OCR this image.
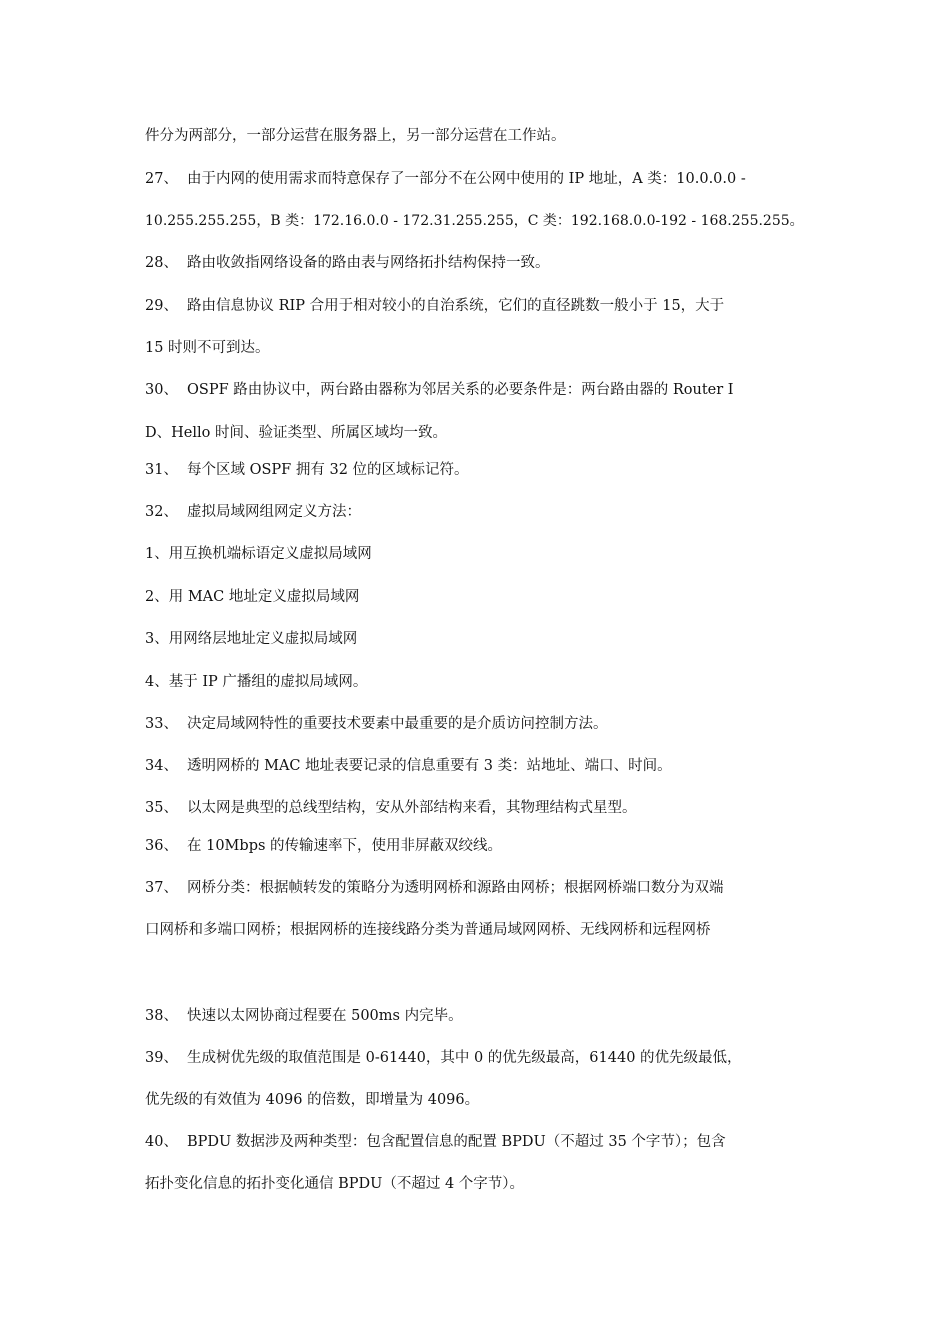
件分为两部分，一部分运营在服务器上，另一部分运营在工作站。
27、 由于内网的使用需求而特意保存了一部分不在公网中使用的 IP 地址，A 类：10.0.0.0 -
10.255.255.255，B 类：172.16.0.0 - 172.31.255.255，C 类：192.168.0.0-192 - 168.255.255。
28、 路由收敛指网络设备的路由表与网络拓扑结构保持一致。
29、 路由信息协议 RIP 合用于相对较小的自治系统，它们的直径跳数一般小于 15，大于
15 时则不可到达。
30、 OSPF 路由协议中，两台路由器称为邻居关系的必要条件是：两台路由器的 Router I
D、Hello 时间、验证类型、所属区域均一致。
31、 每个区域 OSPF 拥有 32 位的区域标记符。
32、 虚拟局域网组网定义方法：
1、用互换机端标语定义虚拟局域网
2、用 MAC 地址定义虚拟局域网
3、用网络层地址定义虚拟局域网
4、基于 IP 广播组的虚拟局域网。
33、 决定局域网特性的重要技术要素中最重要的是介质访问控制方法。
34、 透明网桥的 MAC 地址表要记录的信息重要有 3 类：站地址、端口、时间。
35、 以太网是典型的总线型结构，安从外部结构来看，其物理结构式星型。
36、 在 10Mbps 的传输速率下，使用非屏蔽双绞线。
37、 网桥分类：根据帧转发的策略分为透明网桥和源路由网桥；根据网桥端口数分为双端
口网桥和多端口网桥；根据网桥的连接线路分类为普通局域网网桥、无线网桥和远程网桥
38、 快速以太网协商过程要在 500ms 内完毕。
39、 生成树优先级的取值范围是 0-61440，其中 0 的优先级最高，61440 的优先级最低，
优先级的有效值为 4096 的倍数，即增量为 4096。
40、 BPDU 数据涉及两种类型：包含配置信息的配置 BPDU（不超过 35 个字节）；包含
拓扑变化信息的拓扑变化通信 BPDU（不超过 4 个字节）。
